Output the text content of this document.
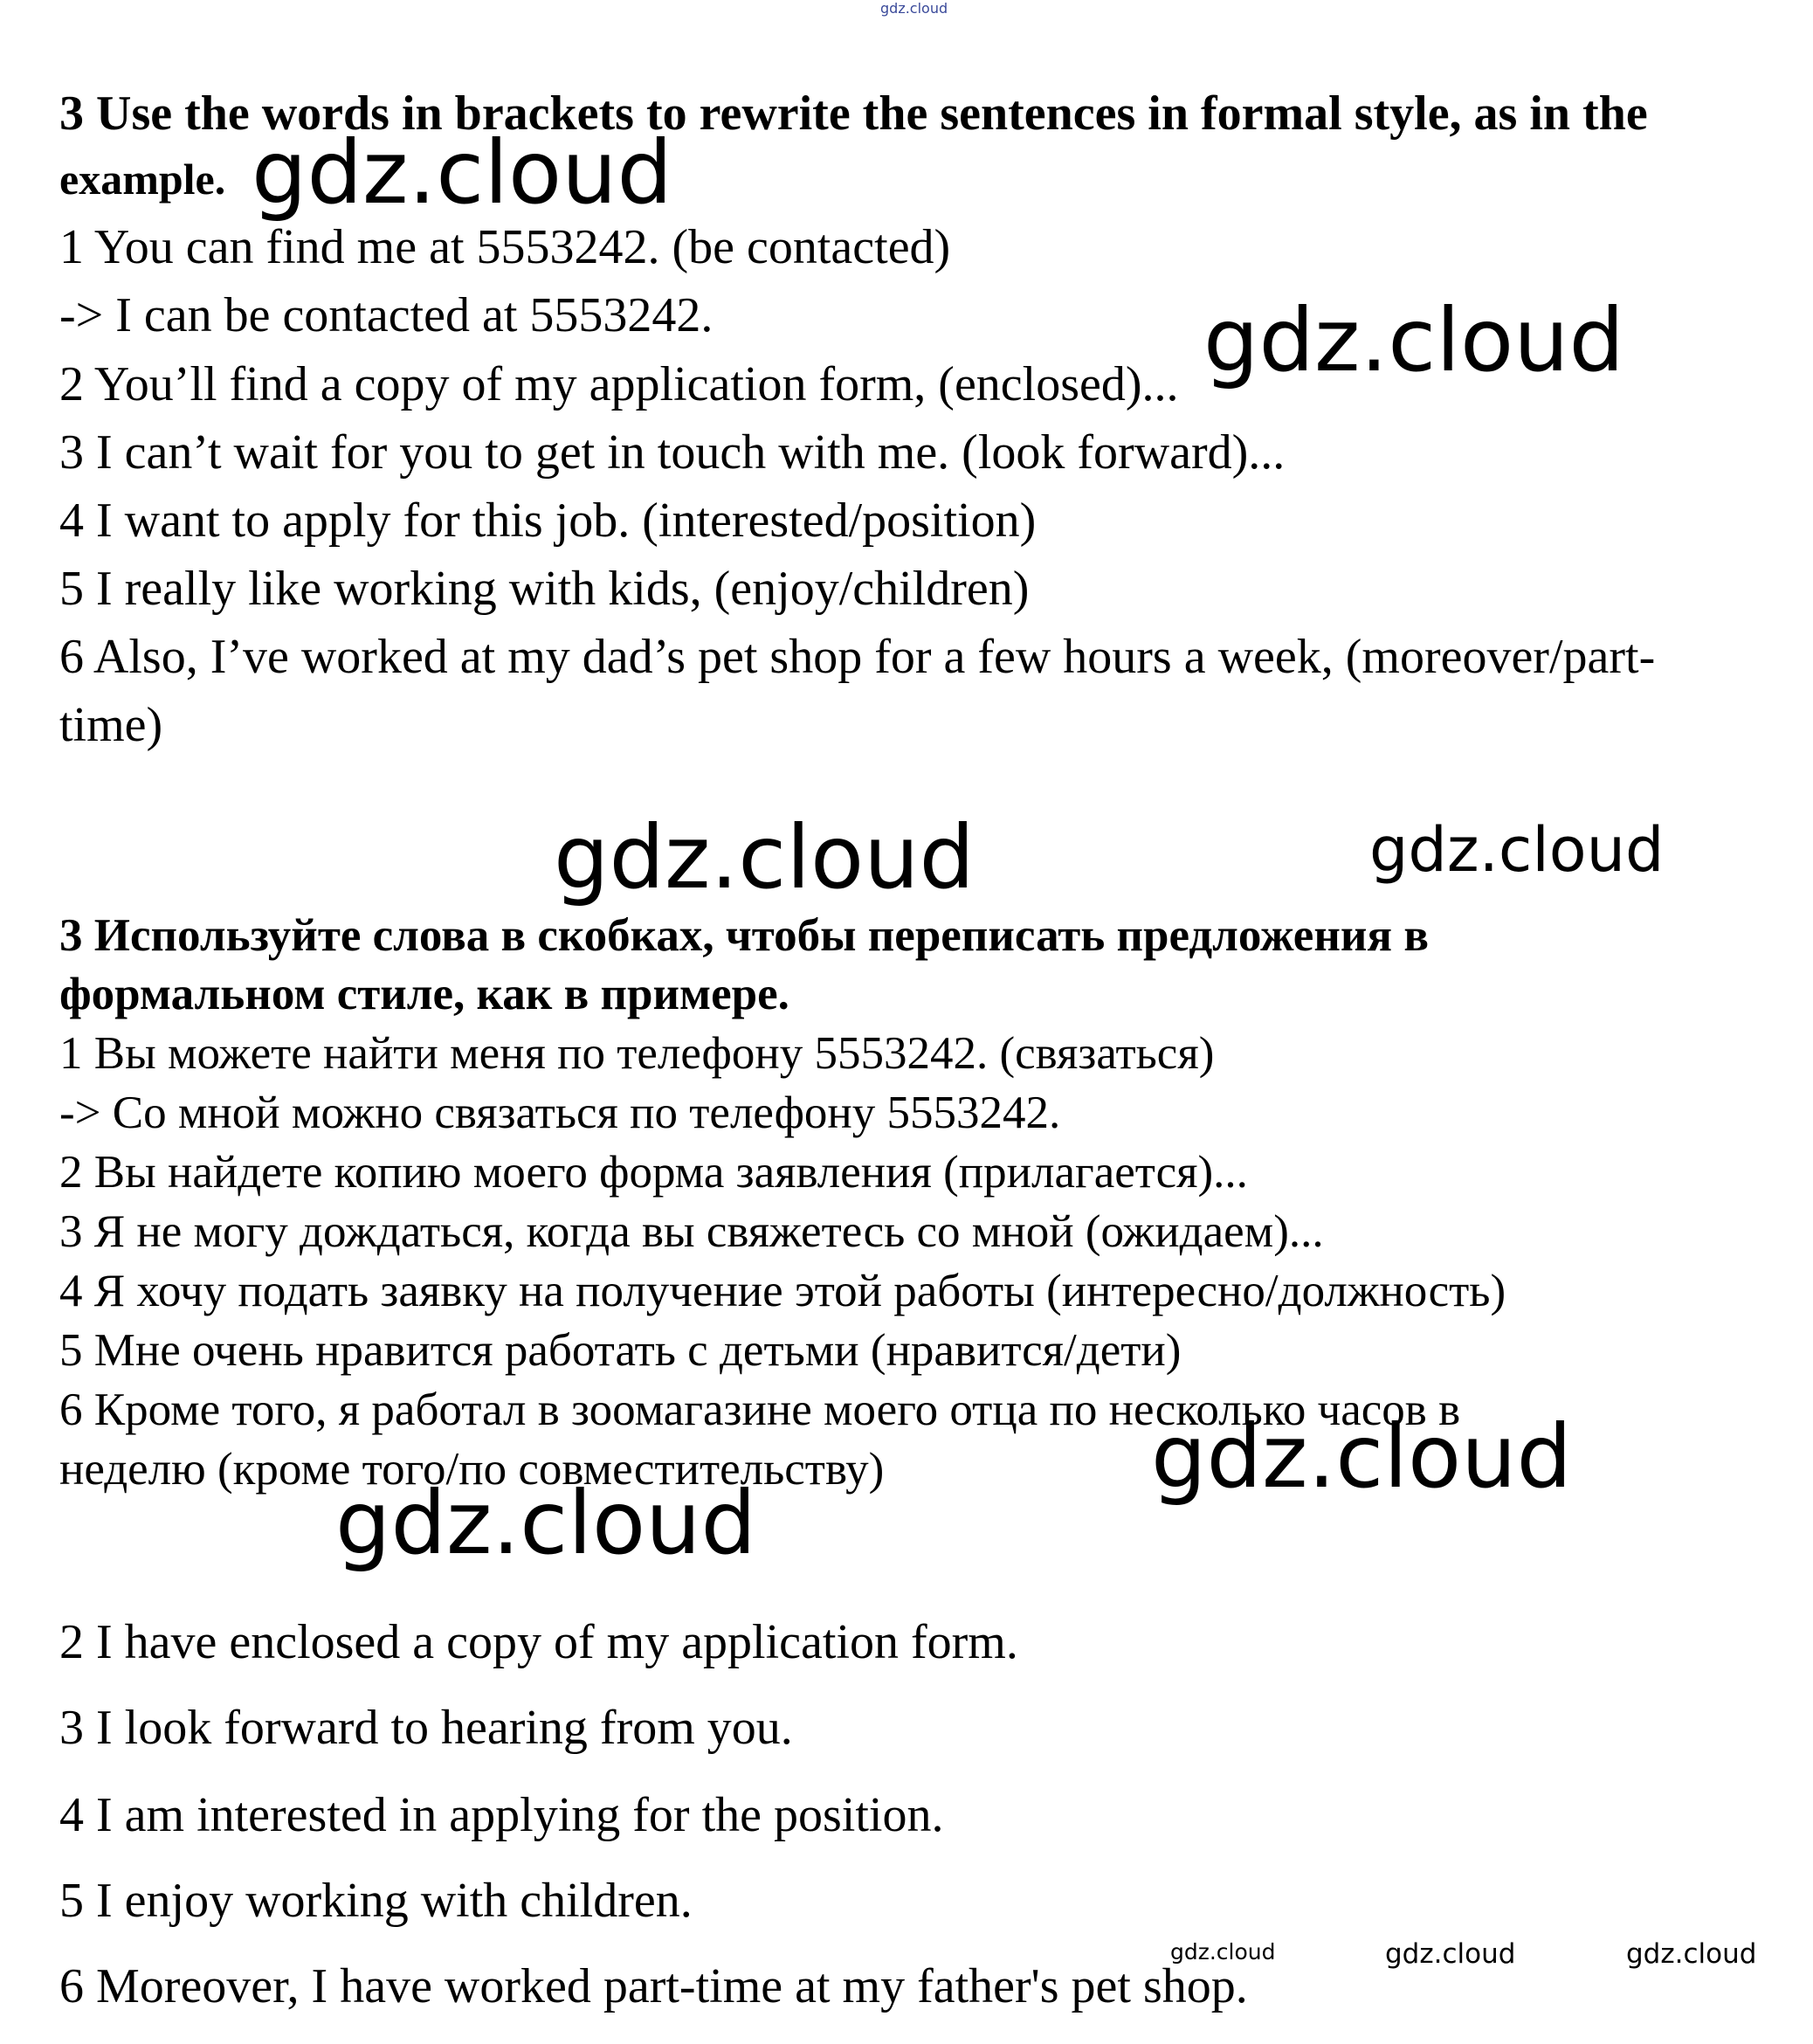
gdz.cloud
3 Use the words in brackets to rewrite the sentences in formal style, as in the
example.
1 You can find me at 5553242. (be contacted)
-> I can be contacted at 5553242.
2 You’ll find a copy of my application form, (enclosed)...
3 I can’t wait for you to get in touch with me. (look forward)...
4 I want to apply for this job. (interested/position)
5 I really like working with kids, (enjoy/children)
6 Also, I’ve worked at my dad’s pet shop for a few hours a week, (moreover/part-
time)
3 Используйте слова в скобках, чтобы переписать предложения в
формальном стиле, как в примере.
1 Вы можете найти меня по телефону 5553242. (связаться)
-> Со мной можно связаться по телефону 5553242.
2 Вы найдете копию моего форма заявления (прилагается)...
3 Я не могу дождаться, когда вы свяжетесь со мной (ожидаем)...
4 Я хочу подать заявку на получение этой работы (интересно/должность)
5 Мне очень нравится работать с детьми (нравится/дети)
6 Кроме того, я работал в зоомагазине моего отца по несколько часов в
неделю (кроме того/по совместительству)
2 I have enclosed a copy of my application form.
3 I look forward to hearing from you.
4 I am interested in applying for the position.
5 I enjoy working with children.
6 Moreover, I have worked part-time at my father's pet shop.
gdz.cloud
gdz.cloud
gdz.cloud	gdz.cloud
gdz.cloud
gdz.cloud
gdz.cloud	gdz.cloud	gdz.cloud
